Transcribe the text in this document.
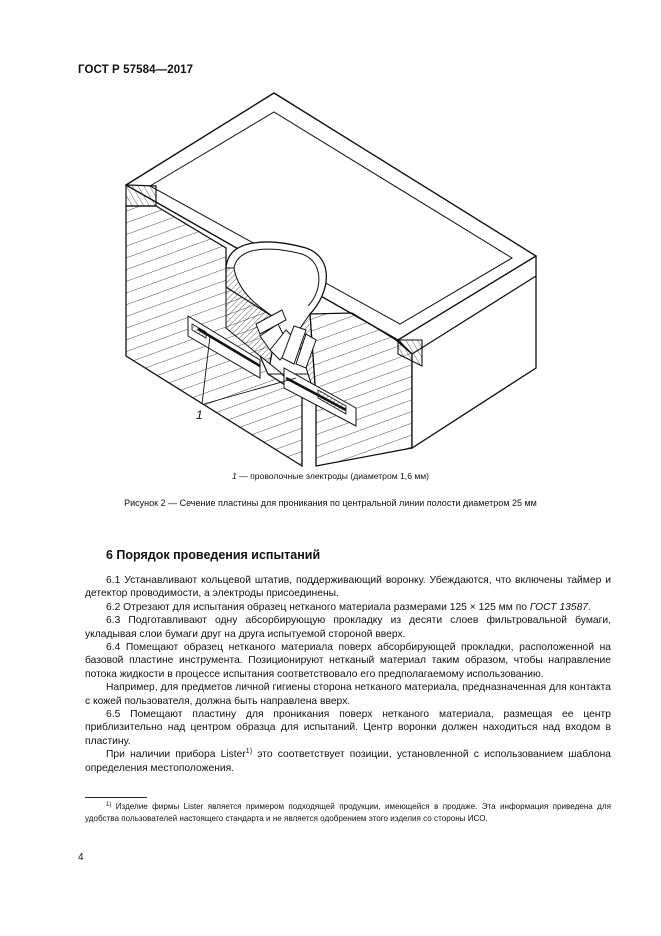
ГОСТ Р 57584—2017
1
1 — проволочные электроды (диаметром 1,6 мм)
Рисунок 2 — Сечение пластины для проникания по центральной линии полости диаметром 25 мм
6 Порядок проведения испытаний

6.1 Устанавливают кольцевой штатив, поддерживающий воронку. Убеждаются, что включены таймер и детектор проводимости, а электроды присоединены.

6.2 Отрезают для испытания образец нетканого материала размерами 125 × 125 мм по ГОСТ 13587.

6.3 Подготавливают одну абсорбирующую прокладку из десяти слоев фильтровальной бумаги, укладывая слои бумаги друг на друга испытуемой стороной вверх.

6.4 Помещают образец нетканого материала поверх абсорбирующей прокладки, расположенной на базовой пластине инструмента. Позиционируют нетканый материал таким образом, чтобы направление потока жидкости в процессе испытания соответствовало его предполагаемому использованию.

Например, для предметов личной гигиены сторона нетканого материала, предназначенная для контакта с кожей пользователя, должна быть направлена вверх.

6.5 Помещают пластину для проникания поверх нетканого материала, размещая ее центр приблизительно над центром образца для испытаний. Центр воронки должен находиться над входом в пластину.

При наличии прибора Lister$^{1)}$ это соответствует позиции, установленной с использованием шаблона определения местоположения.

$^{1)}$ Изделие фирмы Lister является примером подходящей продукции, имеющейся в продаже. Эта информация приведена для удобства пользователей настоящего стандарта и не является одобрением этого изделия со стороны ИСО.
4
